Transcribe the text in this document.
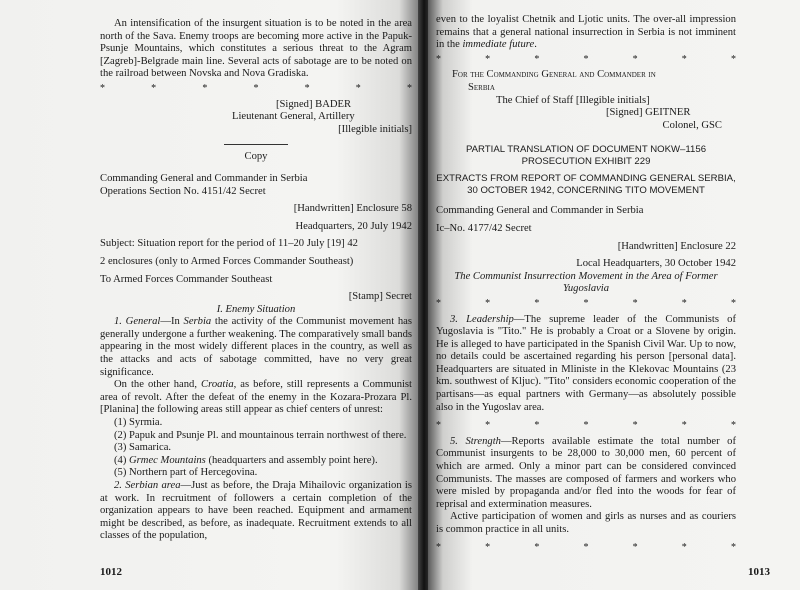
An intensification of the insurgent situation is to be noted in the area north of the Sava. Enemy troops are becoming more active in the Papuk-Psunje Mountains, which constitutes a serious threat to the Agram [Zagreb]-Belgrade main line. Several acts of sabotage are to be noted on the railroad between Novska and Nova Gradiska.

*	*	*	*	*	*	*

[Signed] BADER

Lieutenant General, Artillery

[Illegible initials]

Copy

Commanding General and Commander in Serbia

Operations Section No. 4151/42 Secret

[Handwritten] Enclosure 58

Headquarters, 20 July 1942

Subject: Situation report for the period of 11–20 July [19] 42

2 enclosures (only to Armed Forces Commander Southeast)

To Armed Forces Commander Southeast

[Stamp] Secret

I. Enemy Situation

1. General—In Serbia the activity of the Communist movement has generally undergone a further weakening. The comparatively small bands appearing in the most widely different places in the country, as well as the attacks and acts of sabotage committed, have no very great significance.

On the other hand, Croatia, as before, still represents a Communist area of revolt. After the defeat of the enemy in the Kozara-Prozara Pl. [Planina] the following areas still appear as chief centers of unrest:

(1) Syrmia.

(2) Papuk and Psunje Pl. and mountainous terrain northwest of there.

(3) Samarica.

(4) Grmec Mountains (headquarters and assembly point here).

(5) Northern part of Hercegovina.

2. Serbian area—Just as before, the Draja Mihailovic organization is at work. In recruitment of followers a certain completion of the organization appears to have been reached. Equipment and armament might be described, as before, as inadequate. Recruitment extends to all classes of the population,

1012

even to the loyalist Chetnik and Ljotic units. The over-all impression remains that a general national insurrection in Serbia is not imminent in the immediate future.

*	*	*	*	*	*	*

For the Commanding General and Commander in

Serbia

The Chief of Staff [Illegible initials]

[Signed] GEITNER

Colonel, GSC

PARTIAL TRANSLATION OF DOCUMENT NOKW–1156
PROSECUTION EXHIBIT 229
EXTRACTS FROM REPORT OF COMMANDING GENERAL SERBIA,
30 OCTOBER 1942, CONCERNING TITO MOVEMENT

Commanding General and Commander in Serbia

Ic–No. 4177/42 Secret

[Handwritten] Enclosure 22

Local Headquarters, 30 October 1942

The Communist Insurrection Movement in the Area of Former Yugoslavia

*	*	*	*	*	*	*

3. Leadership—The supreme leader of the Communists of Yugoslavia is "Tito." He is probably a Croat or a Slovene by origin. He is alleged to have participated in the Spanish Civil War. Up to now, no details could be ascertained regarding his person [personal data]. Headquarters are situated in Mliniste in the Klekovac Mountains (23 km. southwest of Kljuc). "Tito" considers economic cooperation of the partisans—as equal partners with Germany—as absolutely possible also in the Yugoslav area.

*	*	*	*	*	*	*

5. Strength—Reports available estimate the total number of Communist insurgents to be 28,000 to 30,000 men, 60 percent of which are armed. Only a minor part can be considered convinced Communists. The masses are composed of farmers and workers who were misled by propaganda and/or fled into the woods for fear of reprisal and extermination measures.

Active participation of women and girls as nurses and as couriers is common practice in all units.

*	*	*	*	*	*	*
1013
